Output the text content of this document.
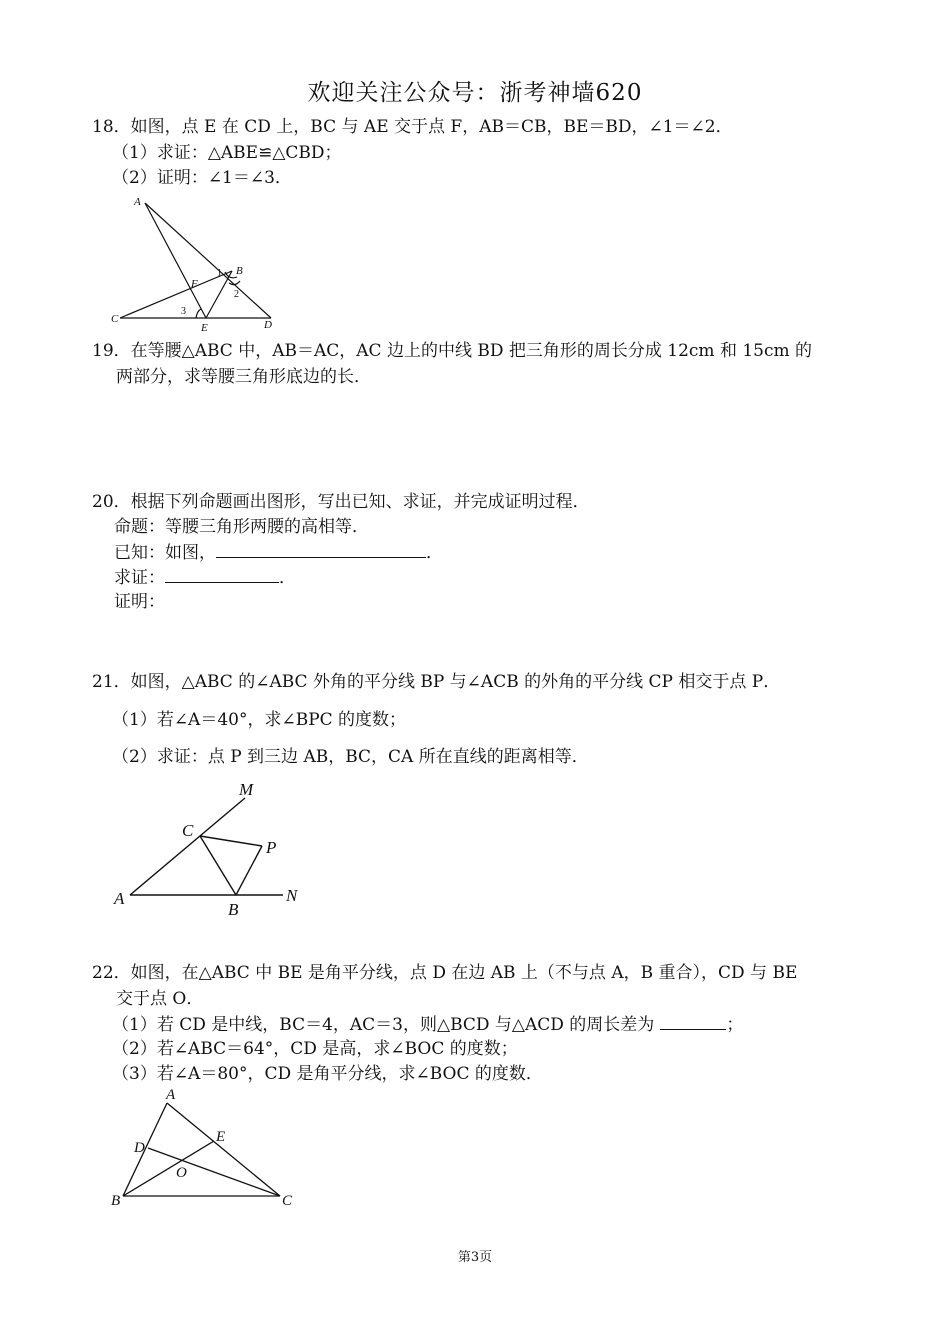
欢迎关注公众号：浙考神墙620
18．如图，点 E 在 CD 上，BC 与 AE 交于点 F，AB＝CB，BE＝BD，∠1＝∠2．
（1）求证：△ABE≌△CBD；
（2）证明：∠1＝∠3．
A
B
C	D
E
F
1
2
3
19．在等腰△ABC 中，AB＝AC，AC 边上的中线 BD 把三角形的周长分成 12cm 和 15cm 的
两部分，求等腰三角形底边的长．
20．根据下列命题画出图形，写出已知、求证，并完成证明过程．
命题：等腰三角形两腰的高相等．
已知：如图，	．
求证：	．
证明：
21．如图，△ABC 的∠ABC 外角的平分线 BP 与∠ACB 的外角的平分线 CP 相交于点 P．
（1）若∠A＝40°，求∠BPC 的度数；
（2）求证：点 P 到三边 AB，BC，CA 所在直线的距离相等．
M
C
P
A
B
N
22．如图，在△ABC 中 BE 是角平分线，点 D 在边 AB 上（不与点 A，B 重合），CD 与 BE
交于点 O．
（1）若 CD 是中线，BC＝4，AC＝3，则△BCD 与△ACD 的周长差为	；
（2）若∠ABC＝64°，CD 是高，求∠BOC 的度数；
（3）若∠A＝80°，CD 是角平分线，求∠BOC 的度数．
A
D
E
O
B	C
第3页
